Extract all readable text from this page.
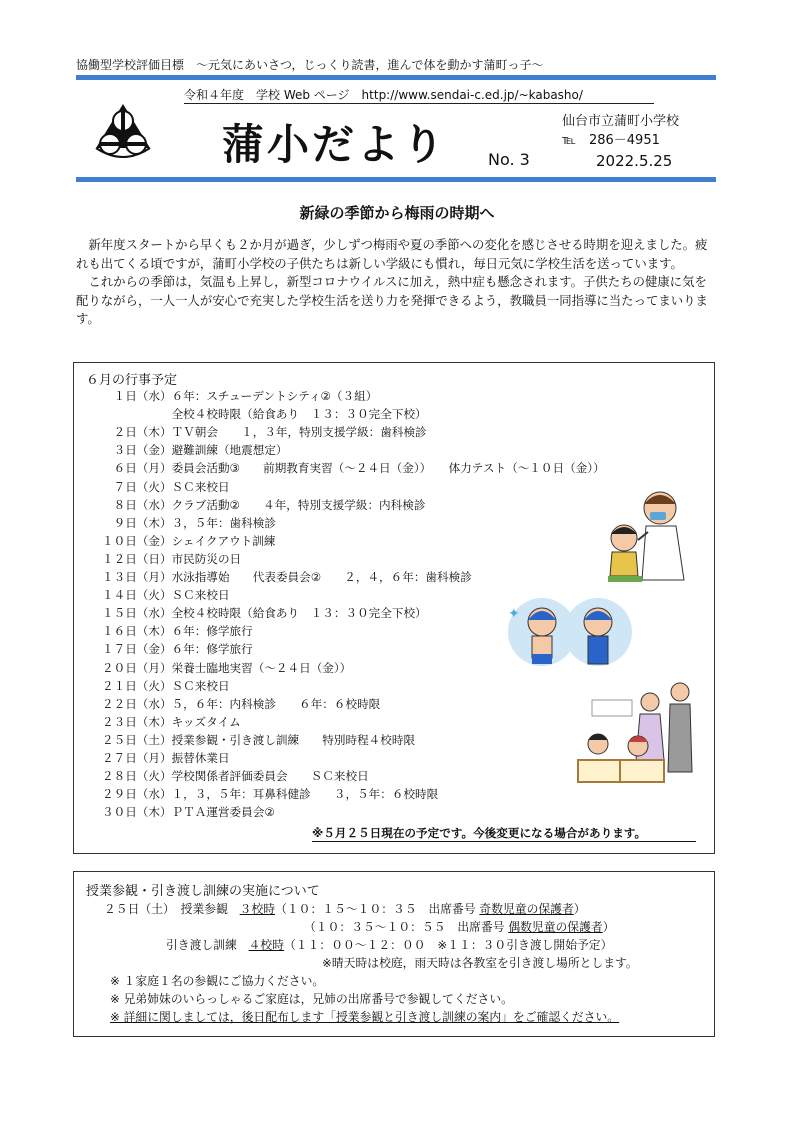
協働型学校評価目標　～元気にあいさつ，じっくり読書，進んで体を動かす蒲町っ子～
令和４年度　学校 Web ページ　http://www.sendai-c.ed.jp/~kabasho/
蒲小だより	No. 3
仙台市立蒲町小学校
℡　286－4951
2022.5.25
新緑の季節から梅雨の時期へ

新年度スタートから早くも２か月が過ぎ，少しずつ梅雨や夏の季節への変化を感じさせる時期を迎えました。疲れも出てくる頃ですが，蒲町小学校の子供たちは新しい学級にも慣れ，毎日元気に学校生活を送っています。

これからの季節は，気温も上昇し，新型コロナウイルスに加え，熱中症も懸念されます。子供たちの健康に気を配りながら，一人一人が安心で充実した学校生活を送り力を発揮できるよう，教職員一同指導に当たってまいります。

６月の行事予定
　１日（水）６年：スチューデントシティ②（３組）
　　　　　　全校４校時限（給食あり　１３：３０完全下校）
　２日（木）ＴＶ朝会　　１，３年，特別支援学級：歯科検診
　３日（金）避難訓練（地震想定）
　６日（月）委員会活動③　　前期教育実習（～２４日（金））　　体力テスト（～１０日（金））
　７日（火）ＳＣ来校日
　８日（水）クラブ活動②　　４年，特別支援学級：内科検診
　９日（木）３，５年：歯科検診
１０日（金）シェイクアウト訓練
１２日（日）市民防災の日
１３日（月）水泳指導始　　代表委員会②　　２，４，６年：歯科検診
１４日（火）ＳＣ来校日
１５日（水）全校４校時限（給食あり　１３：３０完全下校）
１６日（木）６年：修学旅行
１７日（金）６年：修学旅行
２０日（月）栄養士臨地実習（～２４日（金））
２１日（火）ＳＣ来校日
２２日（水）５，６年：内科検診　　６年：６校時限
２３日（木）キッズタイム
２５日（土）授業参観・引き渡し訓練　　特別時程４校時限
２７日（月）振替休業日
２８日（火）学校関係者評価委員会　　ＳＣ来校日
２９日（水）１，３，５年：耳鼻科健診　　３，５年：６校時限
３０日（木）ＰＴＡ運営委員会②
✦
※５月２５日現在の予定です。今後変更になる場合があります。
授業参観・引き渡し訓練の実施について
２５日（土）　授業参観　３校時（１０：１５～１０：３５　出席番号 奇数児童の保護者）
（１０：３５～１０：５５　出席番号 偶数児童の保護者）
引き渡し訓練　４校時（１１：００～１２：００　※１１：３０引き渡し開始予定）
※晴天時は校庭，雨天時は各教室を引き渡し場所とします。
※ １家庭１名の参観にご協力ください。
※ 兄弟姉妹のいらっしゃるご家庭は，兄姉の出席番号で参観してください。
※ 詳細に関しましては，後日配布します「授業参観と引き渡し訓練の案内」をご確認ください。
